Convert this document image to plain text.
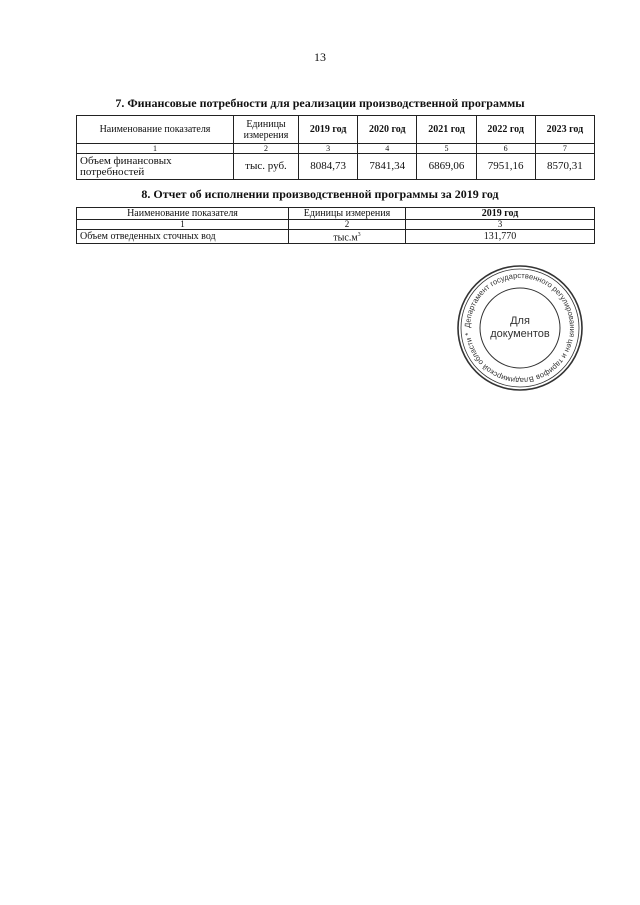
13
7. Финансовые потребности для реализации производственной программы
Наименование показателя	Единицы измерения	2019 год	2020 год	2021 год	2022 год	2023 год
1	2	3	4	5	6	7
Объем финансовых потребностей	тыс. руб.	8084,73	7841,34	6869,06	7951,16	8570,31
8. Отчет об исполнении производственной программы за 2019 год
Наименование показателя	Единицы измерения	2019 год
1	2	3
Объем отведенных сточных вод	$тыс.м^3$	131,770
Департамент государственного регулирования цен и тарифов Владимирской области *
Для документов
